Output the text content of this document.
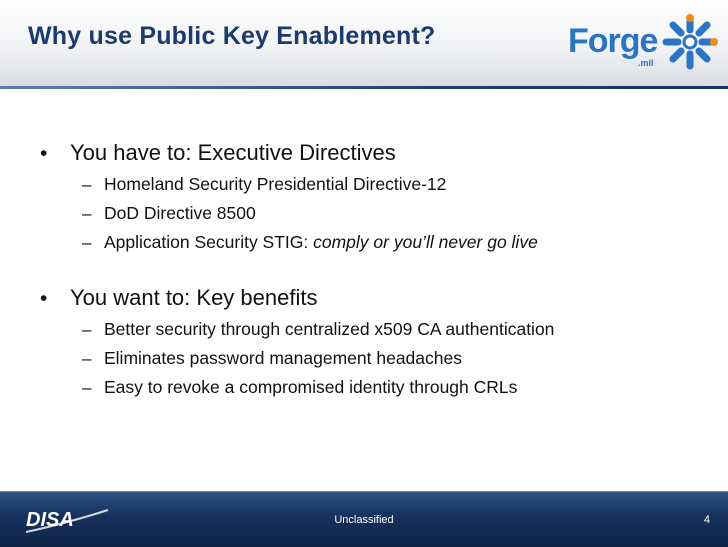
Why use Public Key Enablement?	Forge
.mil
•	You have to: Executive Directives
– Homeland Security Presidential Directive-12
– DoD Directive 8500
– Application Security STIG: comply or you’ll never go live
•	You want to: Key benefits
– Better security through centralized x509 CA authentication
– Eliminates password management headaches
– Easy to revoke a compromised identity through CRLs
DISA	Unclassified	4
